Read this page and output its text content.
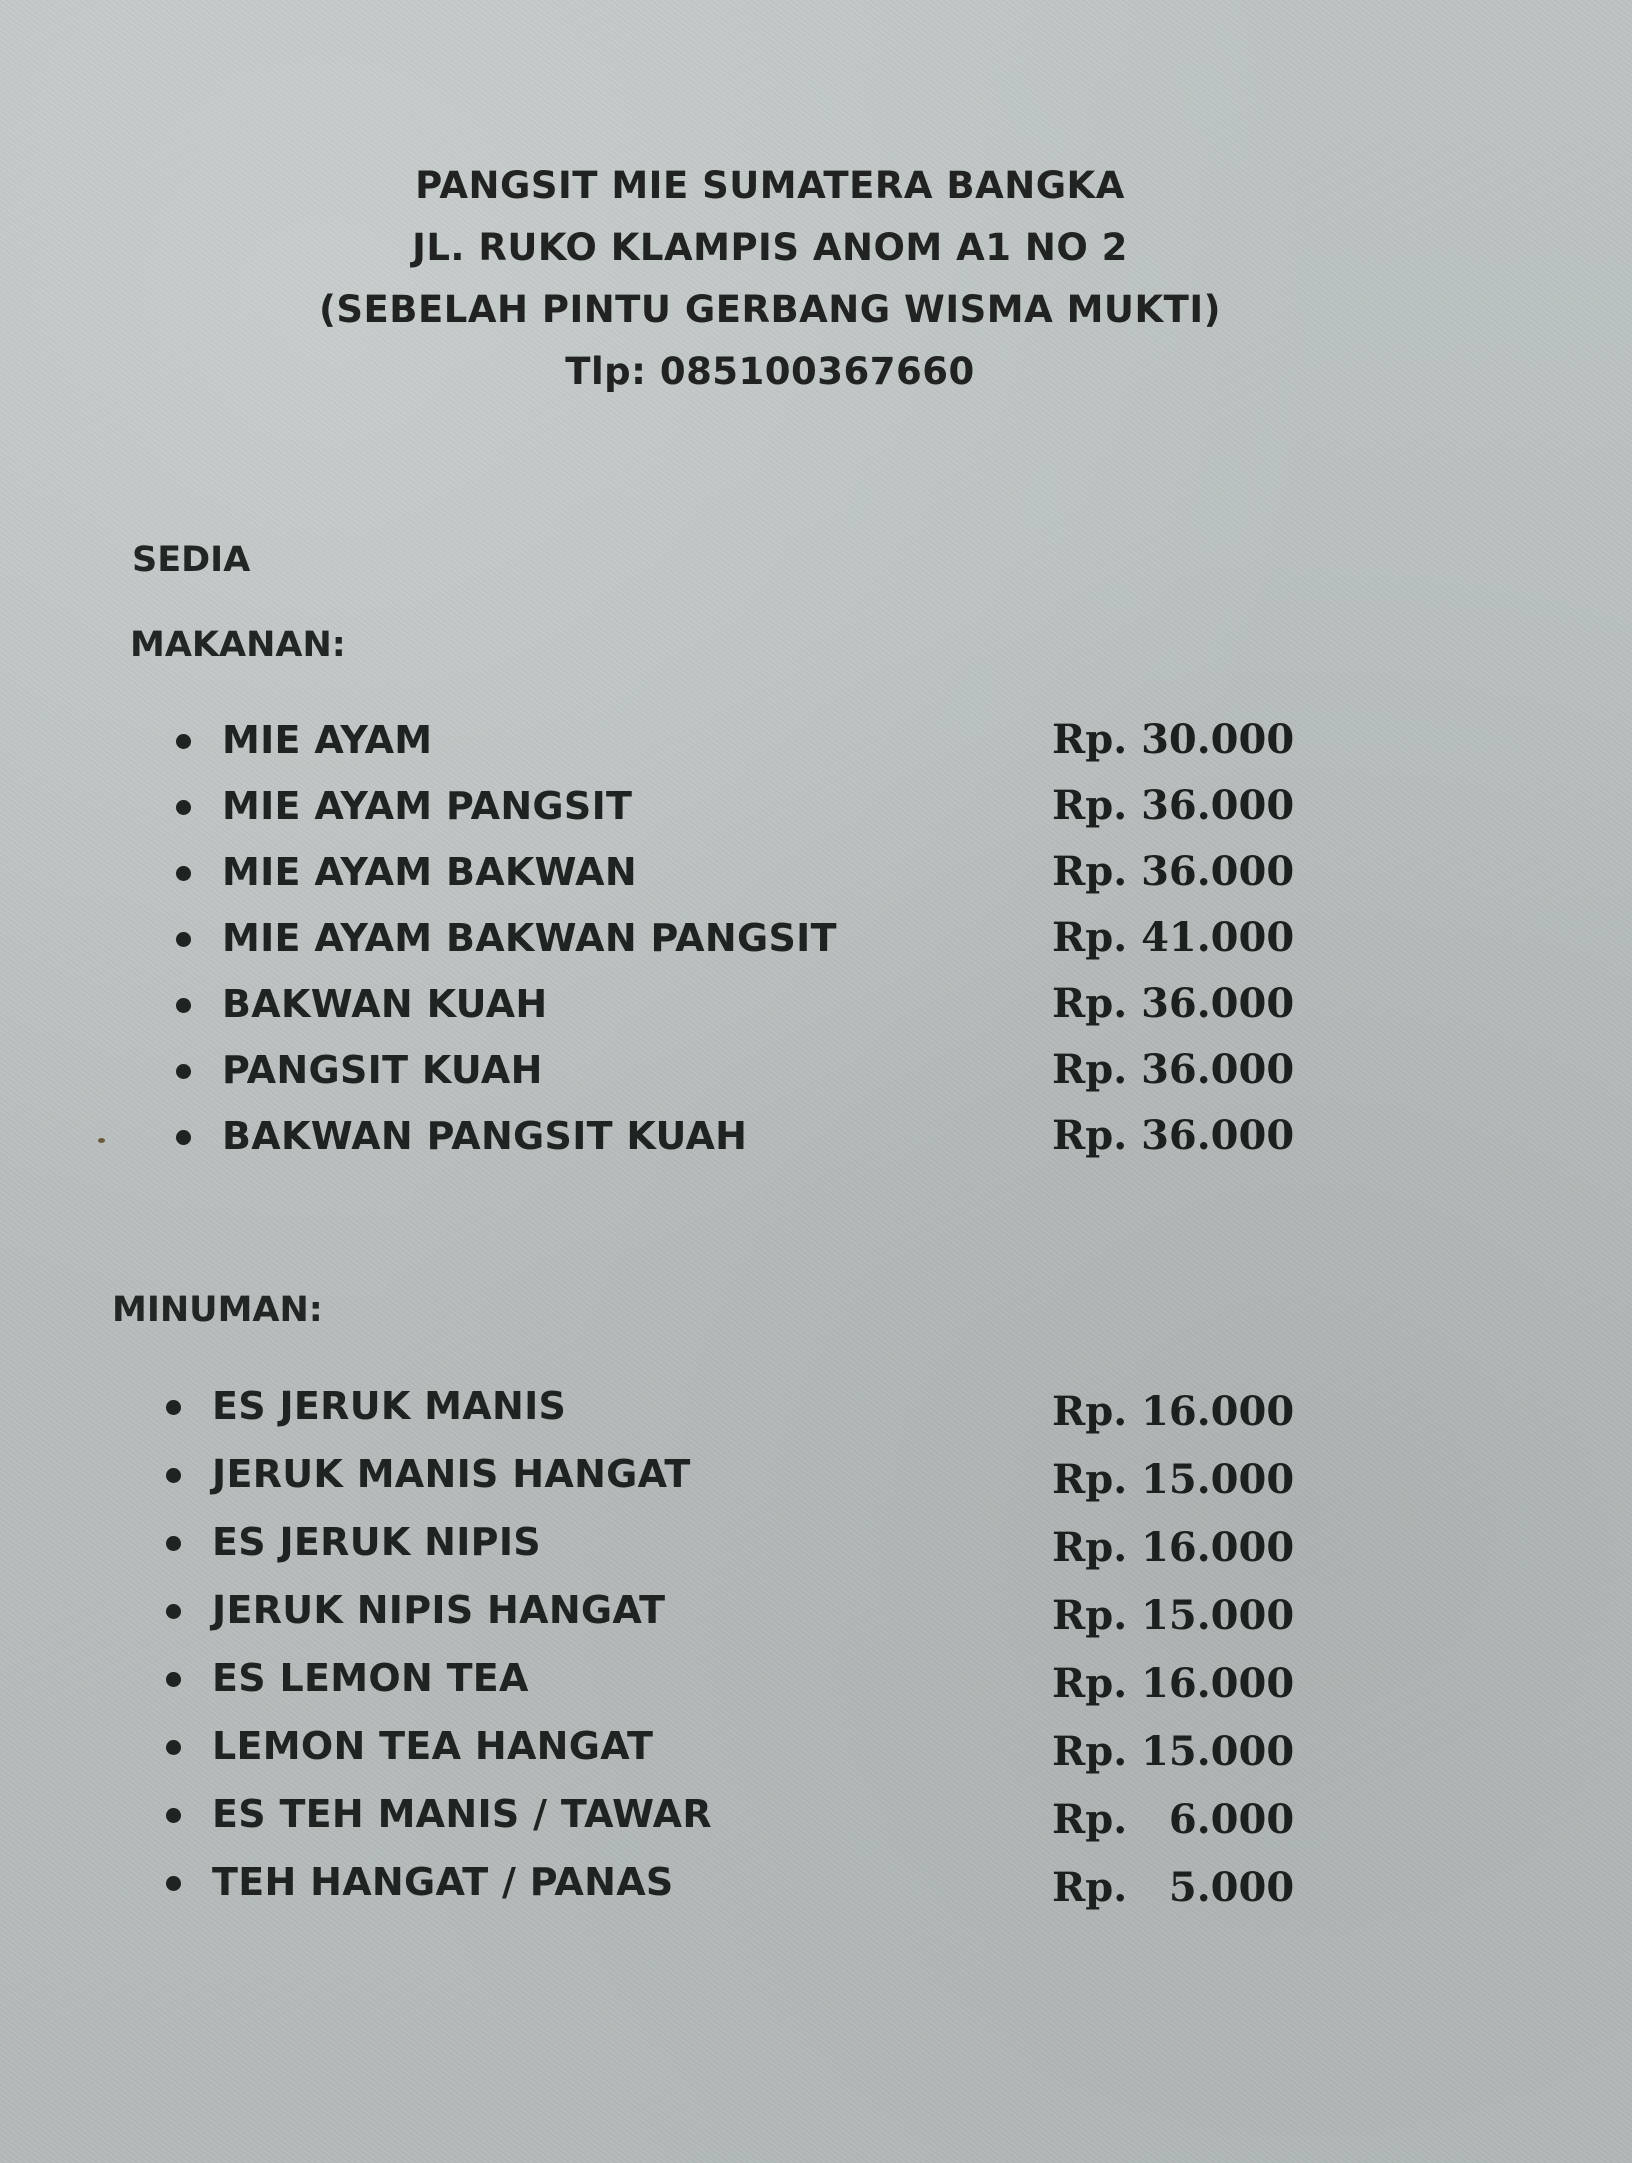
PANGSIT MIE SUMATERA BANGKA
JL. RUKO KLAMPIS ANOM A1 NO 2
(SEBELAH PINTU GERBANG WISMA MUKTI)
Tlp: 085100367660
SEDIA
MAKANAN:
MIE AYAM	Rp. 30.000
MIE AYAM PANGSIT	Rp. 36.000
MIE AYAM BAKWAN	Rp. 36.000
MIE AYAM BAKWAN PANGSIT	Rp. 41.000
BAKWAN KUAH	Rp. 36.000
PANGSIT KUAH	Rp. 36.000
BAKWAN PANGSIT KUAH	Rp. 36.000
MINUMAN:
ES JERUK MANIS	Rp. 16.000
JERUK MANIS HANGAT	Rp. 15.000
ES JERUK NIPIS	Rp. 16.000
JERUK NIPIS HANGAT	Rp. 15.000
ES LEMON TEA	Rp. 16.000
LEMON TEA HANGAT	Rp. 15.000
ES TEH MANIS / TAWAR	Rp.   6.000
TEH HANGAT / PANAS	Rp.   5.000
